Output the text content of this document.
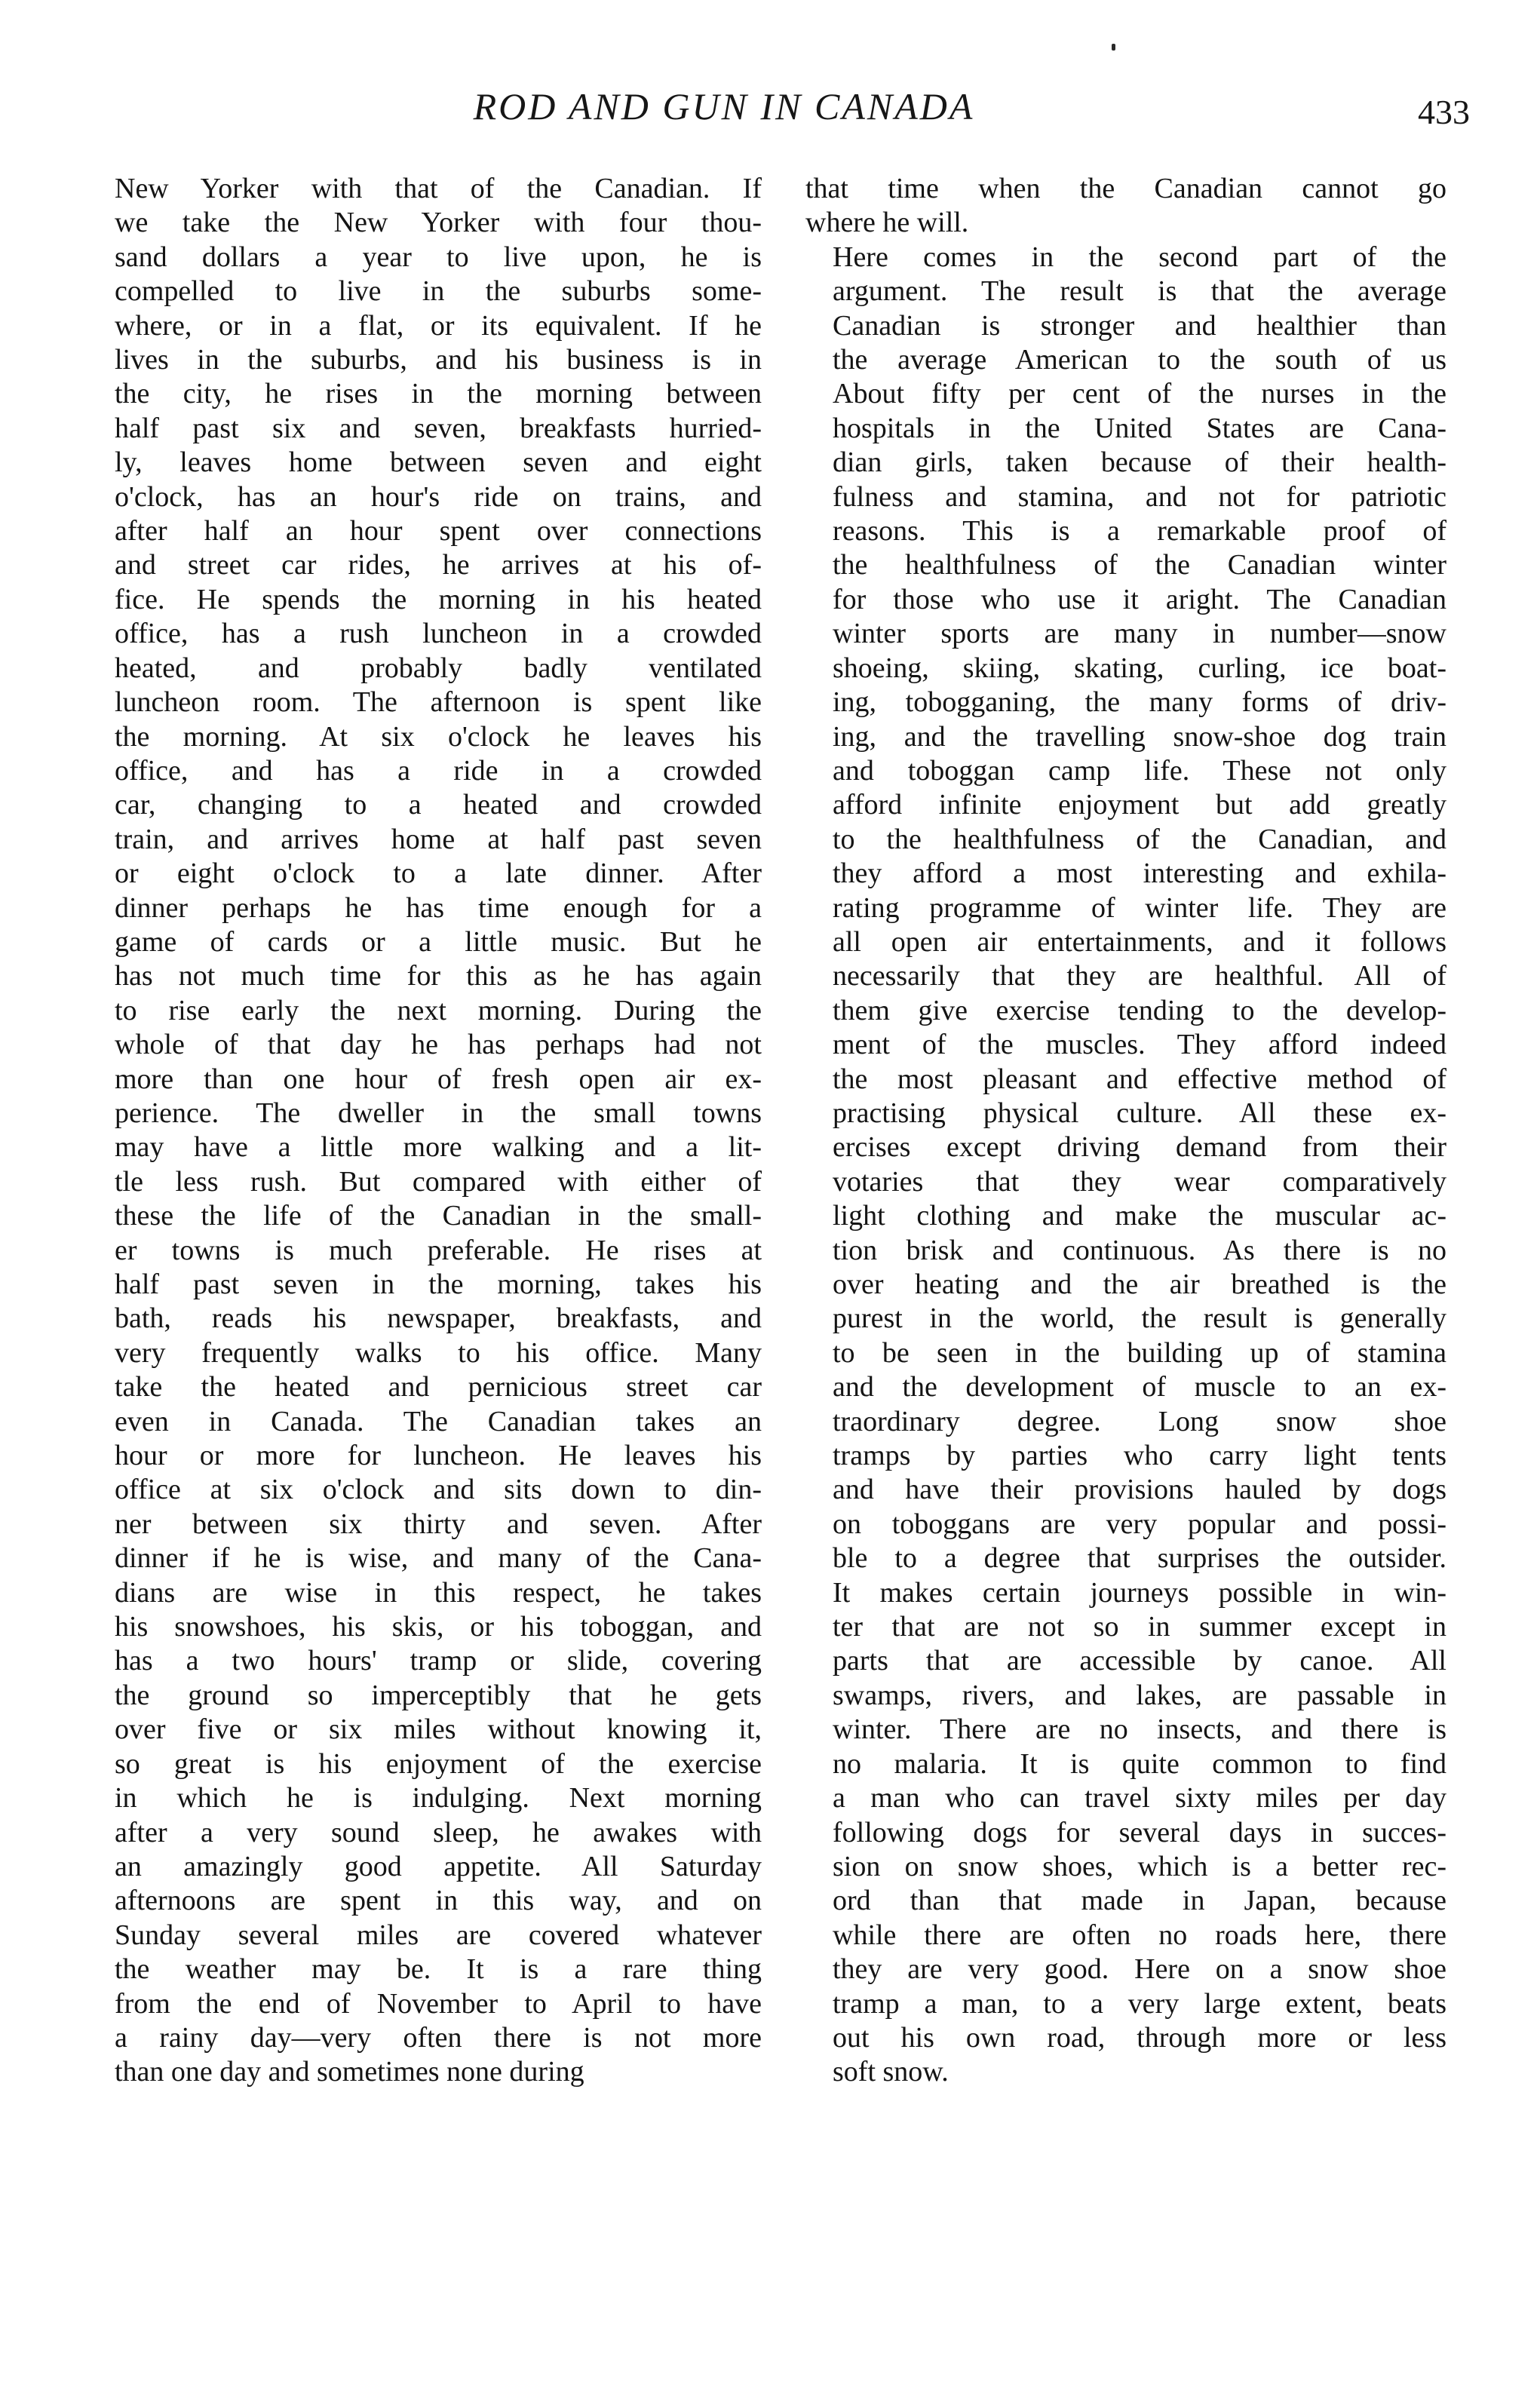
ROD AND GUN IN CANADA	433

New Yorker with that of the Canadian. If
we take the New Yorker with four thou-
sand dollars a year to live upon, he is
compelled to live in the suburbs some-
where, or in a flat, or its equivalent. If he
lives in the suburbs, and his business is in
the city, he rises in the morning between
half past six and seven, breakfasts hurried-
ly, leaves home between seven and eight
o'clock, has an hour's ride on trains, and
after half an hour spent over connections
and street car rides, he arrives at his of-
fice. He spends the morning in his heated
office, has a rush luncheon in a crowded
heated, and probably badly ventilated
luncheon room. The afternoon is spent like
the morning. At six o'clock he leaves his
office, and has a ride in a crowded
car, changing to a heated and crowded
train, and arrives home at half past seven
or eight o'clock to a late dinner. After
dinner perhaps he has time enough for a
game of cards or a little music. But he
has not much time for this as he has again
to rise early the next morning. During the
whole of that day he has perhaps had not
more than one hour of fresh open air ex-
perience. The dweller in the small towns
may have a little more walking and a lit-
tle less rush. But compared with either of
these the life of the Canadian in the small-
er towns is much preferable. He rises at
half past seven in the morning, takes his
bath, reads his newspaper, breakfasts, and
very frequently walks to his office. Many
take the heated and pernicious street car
even in Canada. The Canadian takes an
hour or more for luncheon. He leaves his
office at six o'clock and sits down to din-
ner between six thirty and seven. After
dinner if he is wise, and many of the Cana-
dians are wise in this respect, he takes
his snowshoes, his skis, or his toboggan, and
has a two hours' tramp or slide, covering
the ground so imperceptibly that he gets
over five or six miles without knowing it,
so great is his enjoyment of the exercise
in which he is indulging. Next morning
after a very sound sleep, he awakes with
an amazingly good appetite. All Saturday
afternoons are spent in this way, and on
Sunday several miles are covered whatever
the weather may be. It is a rare thing
from the end of November to April to have
a rainy day—very often there is not more
than one day and sometimes none during

that time when the Canadian cannot go
where he will.

Here comes in the second part of the
argument. The result is that the average
Canadian is stronger and healthier than
the average American to the south of us
About fifty per cent of the nurses in the
hospitals in the United States are Cana-
dian girls, taken because of their health-
fulness and stamina, and not for patriotic
reasons. This is a remarkable proof of
the healthfulness of the Canadian winter
for those who use it aright. The Canadian
winter sports are many in number—snow
shoeing, skiing, skating, curling, ice boat-
ing, tobogganing, the many forms of driv-
ing, and the travelling snow-shoe dog train
and toboggan camp life. These not only
afford infinite enjoyment but add greatly
to the healthfulness of the Canadian, and
they afford a most interesting and exhila-
rating programme of winter life. They are
all open air entertainments, and it follows
necessarily that they are healthful. All of
them give exercise tending to the develop-
ment of the muscles. They afford indeed
the most pleasant and effective method of
practising physical culture. All these ex-
ercises except driving demand from their
votaries that they wear comparatively
light clothing and make the muscular ac-
tion brisk and continuous. As there is no
over heating and the air breathed is the
purest in the world, the result is generally
to be seen in the building up of stamina
and the development of muscle to an ex-
traordinary degree. Long snow shoe
tramps by parties who carry light tents
and have their provisions hauled by dogs
on toboggans are very popular and possi-
ble to a degree that surprises the outsider.
It makes certain journeys possible in win-
ter that are not so in summer except in
parts that are accessible by canoe. All
swamps, rivers, and lakes, are passable in
winter. There are no insects, and there is
no malaria. It is quite common to find
a man who can travel sixty miles per day
following dogs for several days in succes-
sion on snow shoes, which is a better rec-
ord than that made in Japan, because
while there are often no roads here, there
they are very good. Here on a snow shoe
tramp a man, to a very large extent, beats
out his own road, through more or less
soft snow.
